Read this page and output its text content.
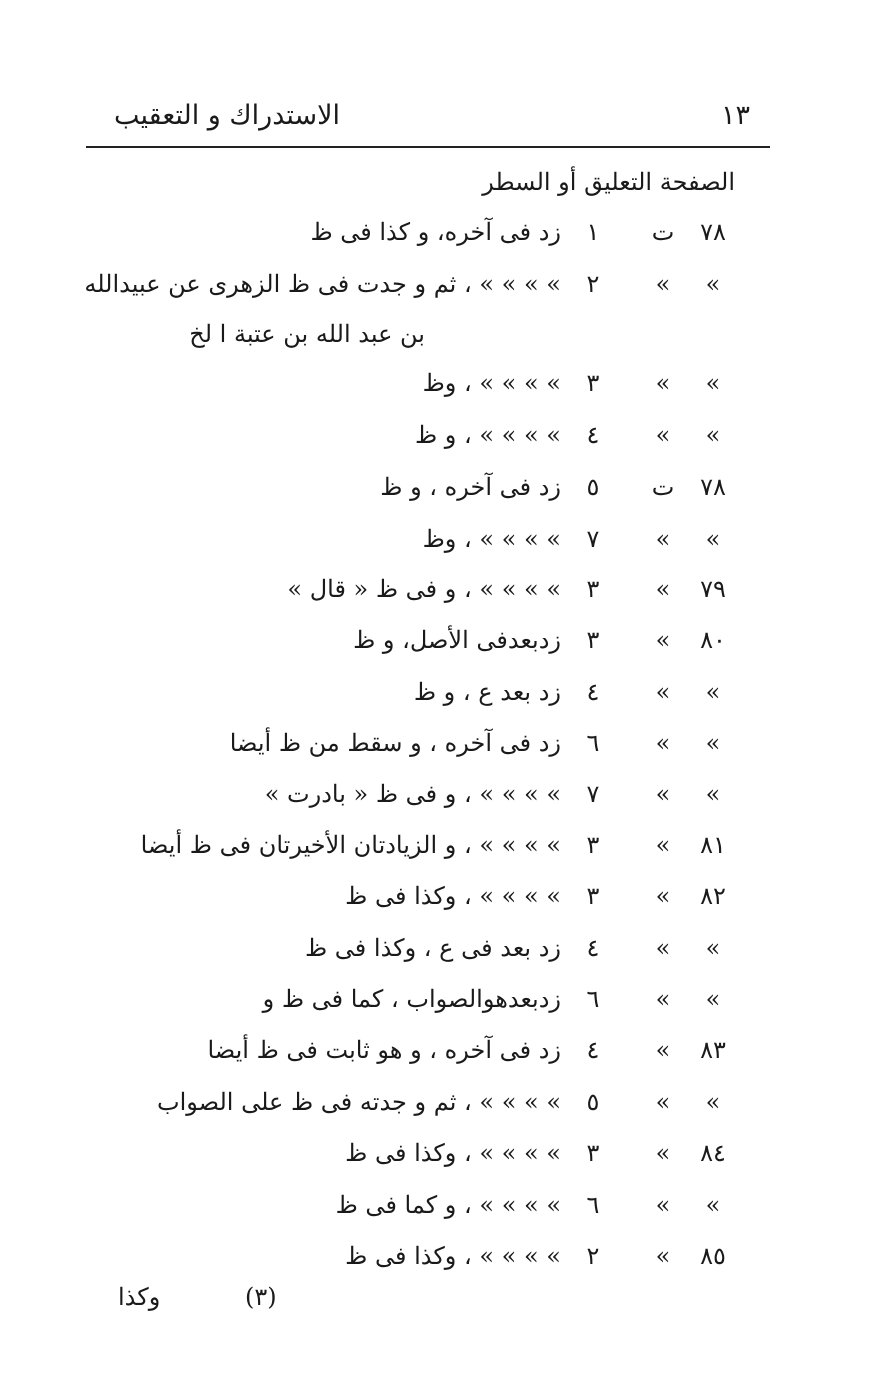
١٣
الاستدراك و التعقيب
الصفحة التعليق أو السطر
بن عبد الله بن عتبة ا لخ
٧٨
ت
١
زد فى آخره، و كذا فى ظ
»
»
٢
» » » » ، ثم و جدت فى ظ الزهرى عن عبيدالله
»
»
٣
» » » » ، وظ
»
»
٤
» » » » ، و ظ
٧٨
ت
٥
زد فى آخره ، و ظ
»
»
٧
» » » » ، وظ
٧٩
»
٣
» » » » ، و فى ظ « قال »
٨٠
»
٣
زدبعدفى الأصل، و ظ
»
»
٤
زد بعد ع ، و ظ
»
»
٦
زد فى آخره ، و سقط من ظ أيضا
»
»
٧
» » » » ، و فى ظ « بادرت »
٨١
»
٣
» » » » ، و الزيادتان الأخيرتان فى ظ أيضا
٨٢
»
٣
» » » » ، وكذا فى ظ
»
»
٤
زد بعد فى ع ، وكذا فى ظ
»
»
٦
زدبعدهوالصواب ، كما فى ظ و
٨٣
»
٤
زد فى آخره ، و هو ثابت فى ظ أيضا
»
»
٥
» » » » ، ثم و جدته فى ظ على الصواب
٨٤
»
٣
» » » » ، وكذا فى ظ
»
»
٦
» » » » ، و كما فى ظ
٨٥
»
٢
» » » » ، وكذا فى ظ
(٣)
وكذا
